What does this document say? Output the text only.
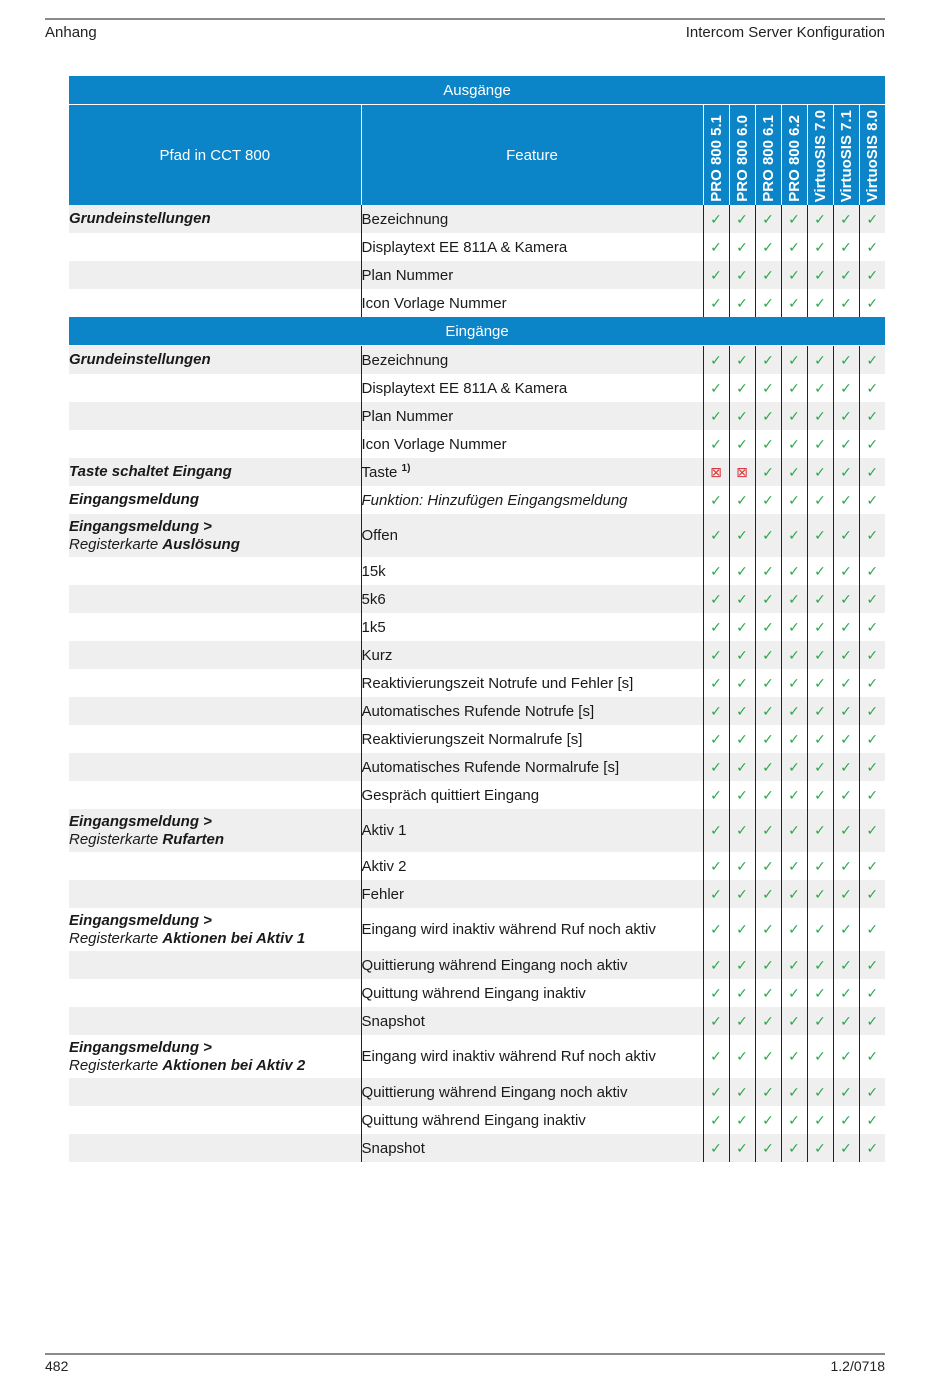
Anhang	Intercom Server Konfiguration
Ausgänge								
Pfad in CCT 800	Feature	PRO 800 5.1	PRO 800 6.0	PRO 800 6.1	PRO 800 6.2	VirtuoSIS 7.0	VirtuoSIS 7.1	VirtuoSIS 8.0

Grundeinstellungen	Bezeichnung	✓	✓	✓	✓	✓	✓	✓
	Displaytext EE 811A & Kamera	✓	✓	✓	✓	✓	✓	✓
	Plan Nummer	✓	✓	✓	✓	✓	✓	✓
	Icon Vorlage Nummer	✓	✓	✓	✓	✓	✓	✓
Eingänge								
Grundeinstellungen	Bezeichnung	✓	✓	✓	✓	✓	✓	✓
	Displaytext EE 811A & Kamera	✓	✓	✓	✓	✓	✓	✓
	Plan Nummer	✓	✓	✓	✓	✓	✓	✓
	Icon Vorlage Nummer	✓	✓	✓	✓	✓	✓	✓
Taste schaltet Eingang	Taste $^{1)}$	⊠	⊠	✓	✓	✓	✓	✓
Eingangsmeldung	Funktion: Hinzufügen Eingangsmeldung	✓	✓	✓	✓	✓	✓	✓
Eingangsmeldung >
Registerkarte Auslösung	Offen	✓	✓	✓	✓	✓	✓	✓
	15k	✓	✓	✓	✓	✓	✓	✓
	5k6	✓	✓	✓	✓	✓	✓	✓
	1k5	✓	✓	✓	✓	✓	✓	✓
	Kurz	✓	✓	✓	✓	✓	✓	✓
	Reaktivierungszeit Notrufe und Fehler [s]	✓	✓	✓	✓	✓	✓	✓
	Automatisches Rufende Notrufe [s]	✓	✓	✓	✓	✓	✓	✓
	Reaktivierungszeit Normalrufe [s]	✓	✓	✓	✓	✓	✓	✓
	Automatisches Rufende Normalrufe [s]	✓	✓	✓	✓	✓	✓	✓
	Gespräch quittiert Eingang	✓	✓	✓	✓	✓	✓	✓
Eingangsmeldung >
Registerkarte Rufarten	Aktiv 1	✓	✓	✓	✓	✓	✓	✓
	Aktiv 2	✓	✓	✓	✓	✓	✓	✓
	Fehler	✓	✓	✓	✓	✓	✓	✓
Eingangsmeldung >
Registerkarte Aktionen bei Aktiv 1	Eingang wird inaktiv während Ruf noch aktiv	✓	✓	✓	✓	✓	✓	✓
	Quittierung während Eingang noch aktiv	✓	✓	✓	✓	✓	✓	✓
	Quittung während Eingang inaktiv	✓	✓	✓	✓	✓	✓	✓
	Snapshot	✓	✓	✓	✓	✓	✓	✓
Eingangsmeldung >
Registerkarte Aktionen bei Aktiv 2	Eingang wird inaktiv während Ruf noch aktiv	✓	✓	✓	✓	✓	✓	✓
	Quittierung während Eingang noch aktiv	✓	✓	✓	✓	✓	✓	✓
	Quittung während Eingang inaktiv	✓	✓	✓	✓	✓	✓	✓
	Snapshot	✓	✓	✓	✓	✓	✓	✓
482	1.2/0718
